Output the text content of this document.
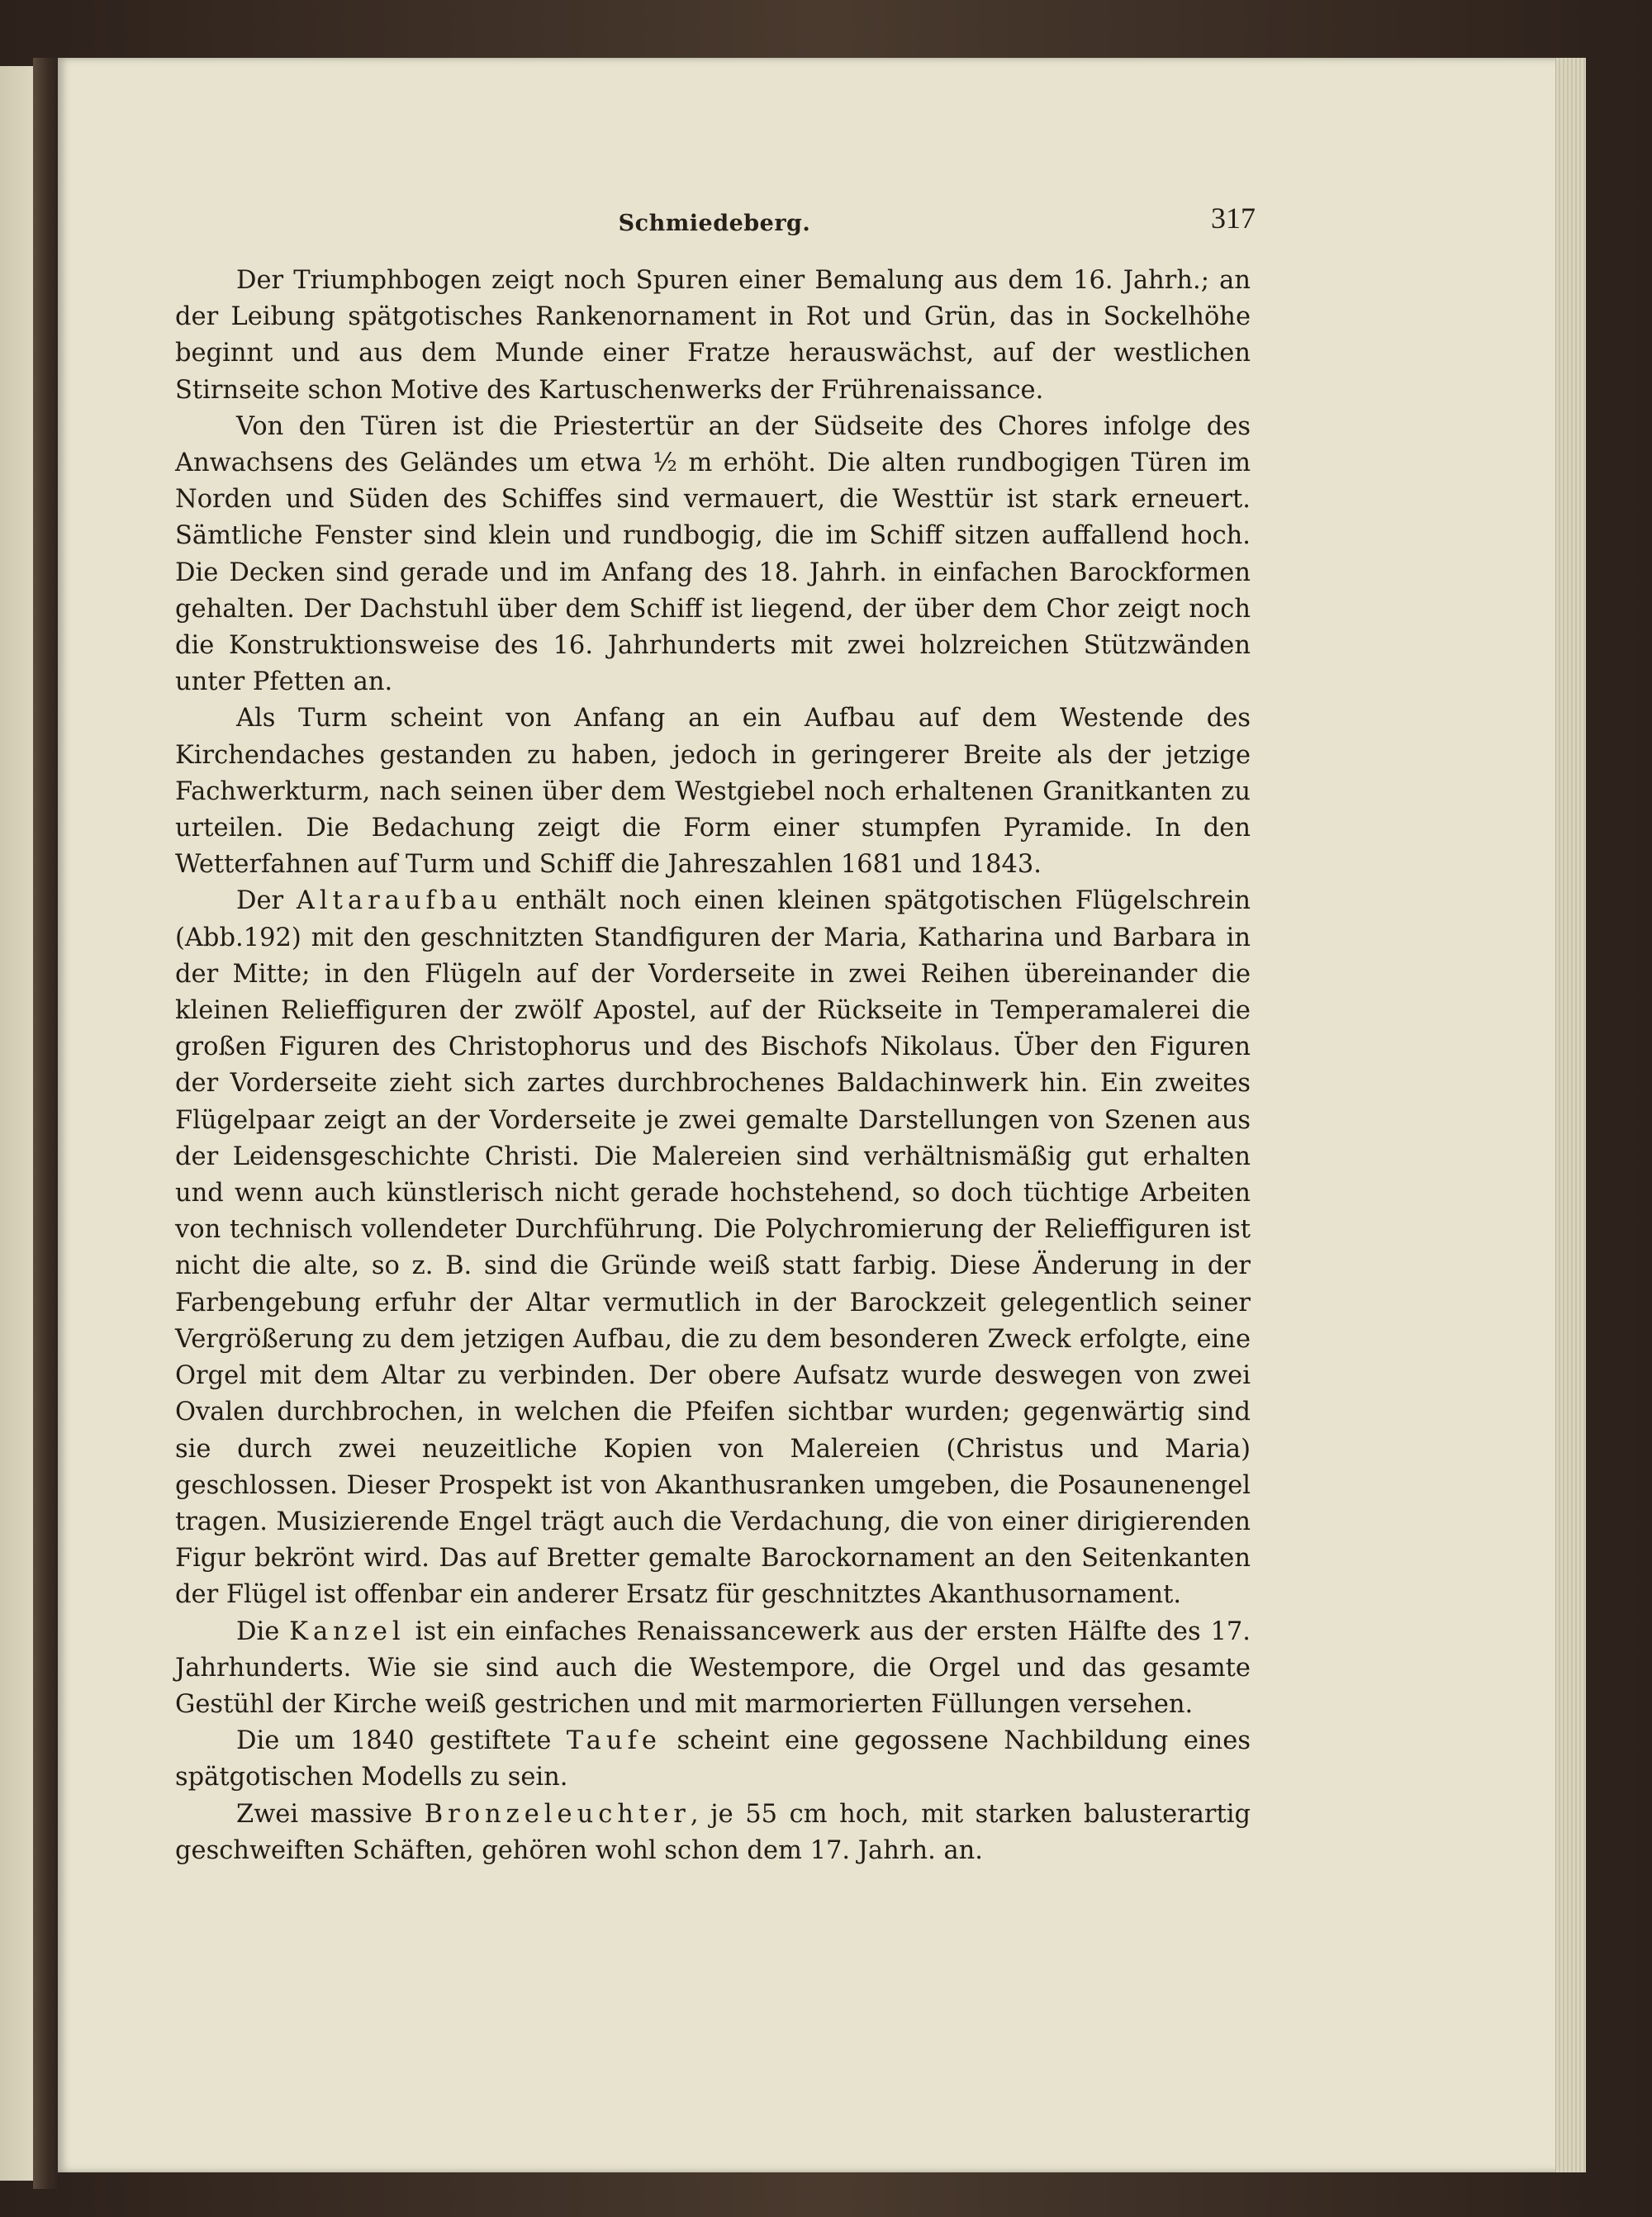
Schmiedeberg.	317

Der Triumphbogen zeigt noch Spuren einer Bemalung aus dem 16. Jahrh.; an der Leibung spätgotisches Rankenornament in Rot und Grün, das in Sockelhöhe beginnt und aus dem Munde einer Fratze herauswächst, auf der westlichen Stirnseite schon Motive des Kartuschenwerks der Frührenaissance.

Von den Türen ist die Priestertür an der Südseite des Chores infolge des Anwachsens des Geländes um etwa ½ m erhöht. Die alten rundbogigen Türen im Norden und Süden des Schiffes sind vermauert, die Westtür ist stark erneuert. Sämtliche Fenster sind klein und rundbogig, die im Schiff sitzen auffallend hoch. Die Decken sind gerade und im Anfang des 18. Jahrh. in einfachen Barockformen gehalten. Der Dachstuhl über dem Schiff ist liegend, der über dem Chor zeigt noch die Konstruktionsweise des 16. Jahrhunderts mit zwei holzreichen Stützwänden unter Pfetten an.

Als Turm scheint von Anfang an ein Aufbau auf dem Westende des Kirchendaches gestanden zu haben, jedoch in geringerer Breite als der jetzige Fachwerkturm, nach seinen über dem Westgiebel noch erhaltenen Granitkanten zu urteilen. Die Bedachung zeigt die Form einer stumpfen Pyramide. In den Wetterfahnen auf Turm und Schiff die Jahreszahlen 1681 und 1843.

Der Altaraufbau enthält noch einen kleinen spätgotischen Flügelschrein (Abb.192) mit den geschnitzten Standfiguren der Maria, Katharina und Barbara in der Mitte; in den Flügeln auf der Vorderseite in zwei Reihen übereinander die kleinen Relieffiguren der zwölf Apostel, auf der Rückseite in Temperamalerei die großen Figuren des Christophorus und des Bischofs Nikolaus. Über den Figuren der Vorderseite zieht sich zartes durchbrochenes Baldachinwerk hin. Ein zweites Flügelpaar zeigt an der Vorderseite je zwei gemalte Darstellungen von Szenen aus der Leidensgeschichte Christi. Die Malereien sind verhältnismäßig gut erhalten und wenn auch künstlerisch nicht gerade hochstehend, so doch tüchtige Arbeiten von technisch vollendeter Durchführung. Die Polychromierung der Relieffiguren ist nicht die alte, so z. B. sind die Gründe weiß statt farbig. Diese Änderung in der Farbengebung erfuhr der Altar vermutlich in der Barockzeit gelegentlich seiner Vergrößerung zu dem jetzigen Aufbau, die zu dem besonderen Zweck erfolgte, eine Orgel mit dem Altar zu verbinden. Der obere Aufsatz wurde deswegen von zwei Ovalen durchbrochen, in welchen die Pfeifen sichtbar wurden; gegenwärtig sind sie durch zwei neuzeitliche Kopien von Malereien (Christus und Maria) geschlossen. Dieser Prospekt ist von Akanthusranken umgeben, die Posaunenengel tragen. Musizierende Engel trägt auch die Verdachung, die von einer dirigierenden Figur bekrönt wird. Das auf Bretter gemalte Barockornament an den Seitenkanten der Flügel ist offenbar ein anderer Ersatz für geschnitztes Akanthusornament.

Die Kanzel ist ein einfaches Renaissancewerk aus der ersten Hälfte des 17. Jahrhunderts. Wie sie sind auch die Westempore, die Orgel und das gesamte Gestühl der Kirche weiß gestrichen und mit marmorierten Füllungen versehen.

Die um 1840 gestiftete Taufe scheint eine gegossene Nachbildung eines spätgotischen Modells zu sein.

Zwei massive Bronzeleuchter, je 55 cm hoch, mit starken balusterartig geschweiften Schäften, gehören wohl schon dem 17. Jahrh. an.
